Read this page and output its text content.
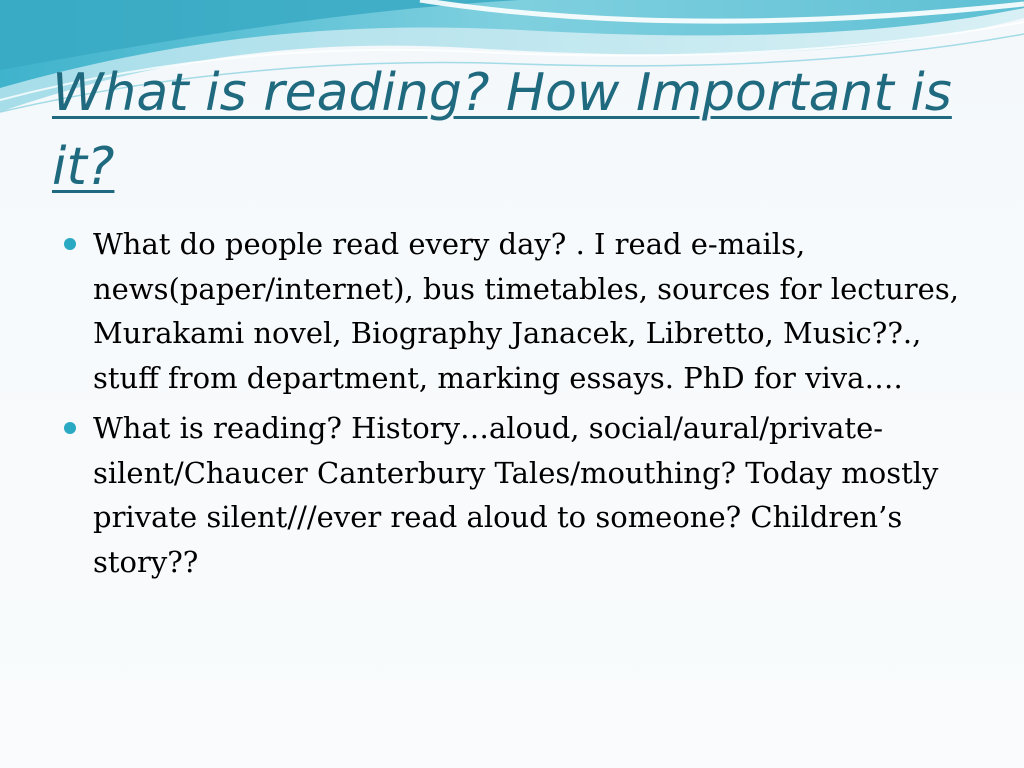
What is reading? How Important is it?
What do people read every day? . I read e-mails, news(paper/internet), bus timetables, sources for lectures, Murakami novel, Biography Janacek, Libretto, Music??., stuff from department, marking essays. PhD for viva….
What is reading? History…aloud, social/aural/private-silent/Chaucer Canterbury Tales/mouthing? Today mostly private silent///ever read aloud to someone? Children’s story??
